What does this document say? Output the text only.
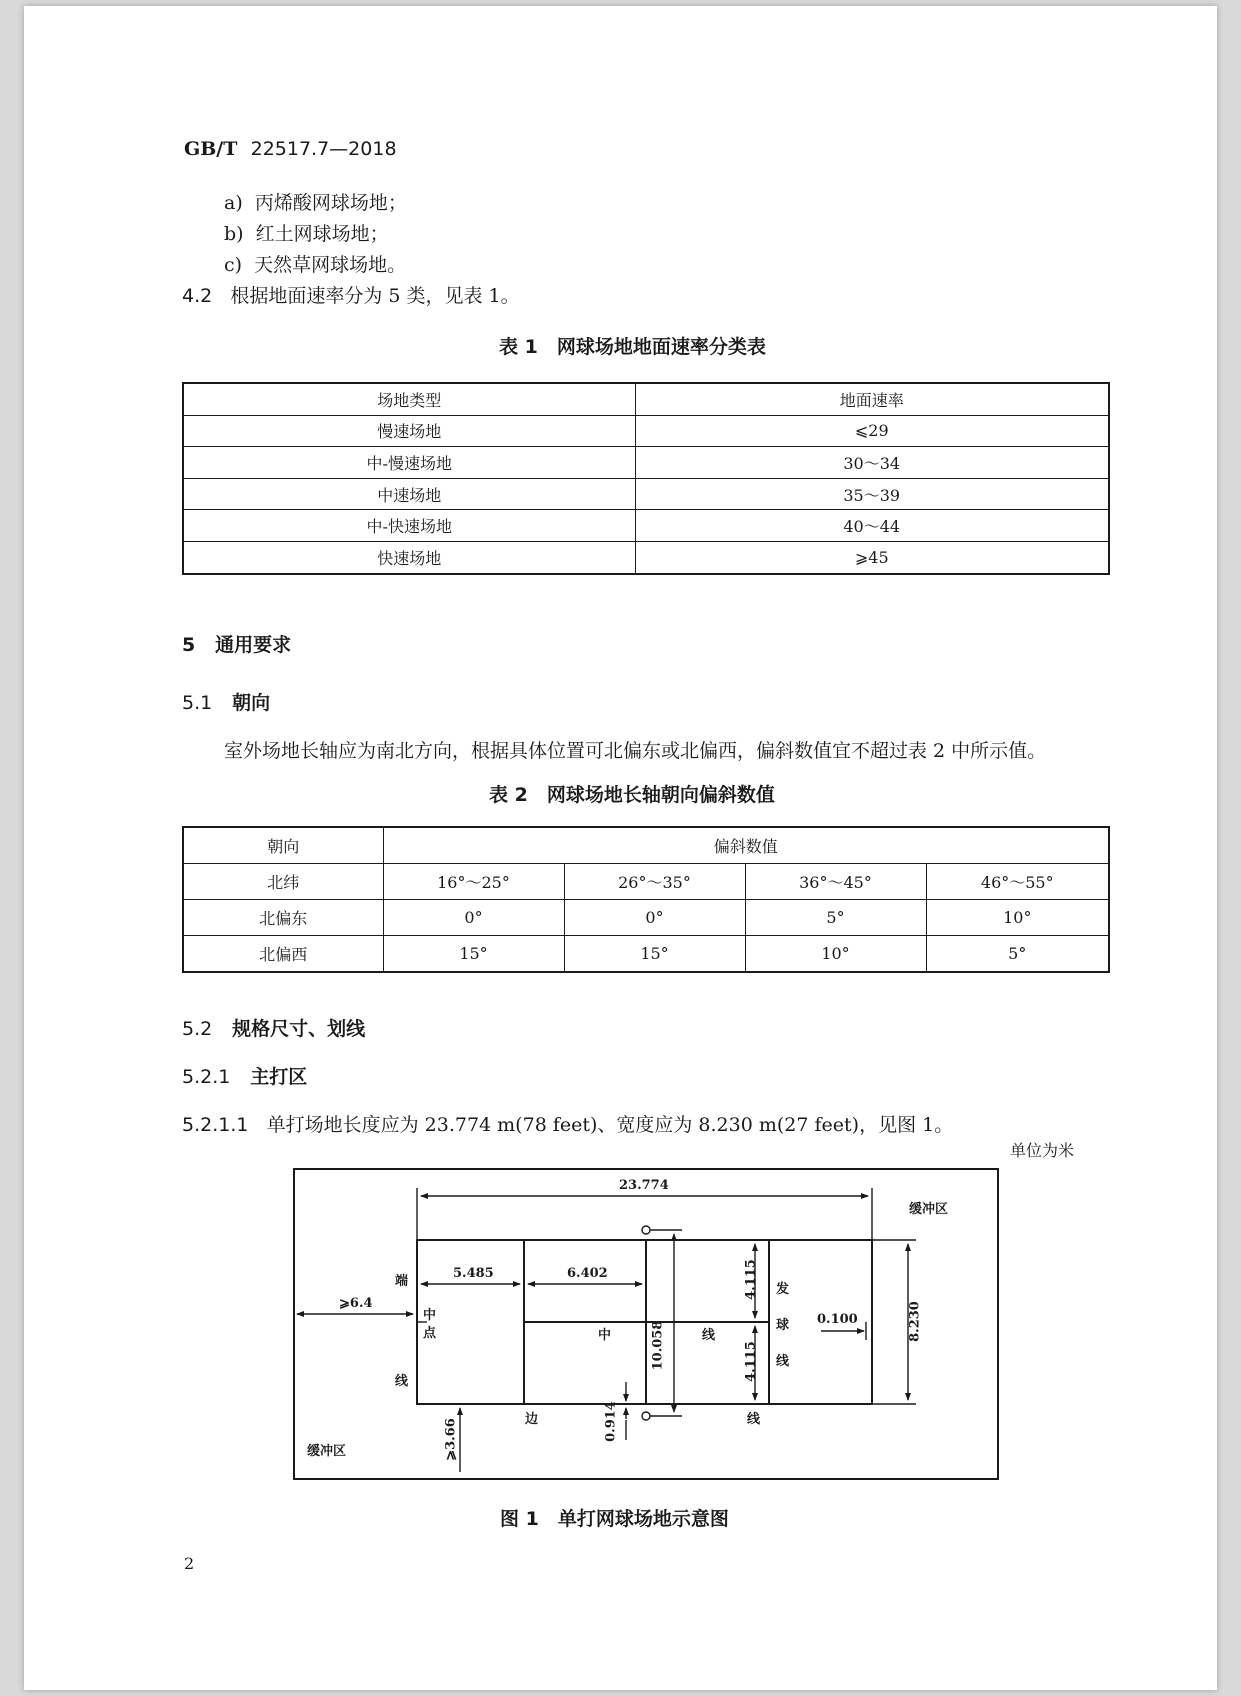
GB/T 22517.7—2018
a) 丙烯酸网球场地；
b) 红土网球场地；
c) 天然草网球场地。
4.2 根据地面速率分为 5 类，见表 1。
表 1　网球场地地面速率分类表
场地类型	地面速率
慢速场地	⩽29
中-慢速场地	30～34
中速场地	35～39
中-快速场地	40～44
快速场地	⩾45
5 通用要求
5.1 朝向
室外场地长轴应为南北方向，根据具体位置可北偏东或北偏西，偏斜数值宜不超过表 2 中所示值。
表 2　网球场地长轴朝向偏斜数值
朝向	偏斜数值			
北纬	16°～25°	26°～35°	36°～45°	46°～55°
北偏东	0°	0°	5°	10°
北偏西	15°	15°	10°	5°
5.2 规格尺寸、划线
5.2.1 主打区
5.2.1.1 单打场地长度应为 23.774 m(78 feet)、宽度应为 8.230 m(27 feet)，见图 1。
单位为米
23.774
缓冲区
缓冲区
5.485	6.402
⩾6.4
0.100
4.115
4.115
8.230
10.058
0.914
⩾3.66
端
线
中
点	中	线
发
球
线
边	线
图 1　单打网球场地示意图
2
